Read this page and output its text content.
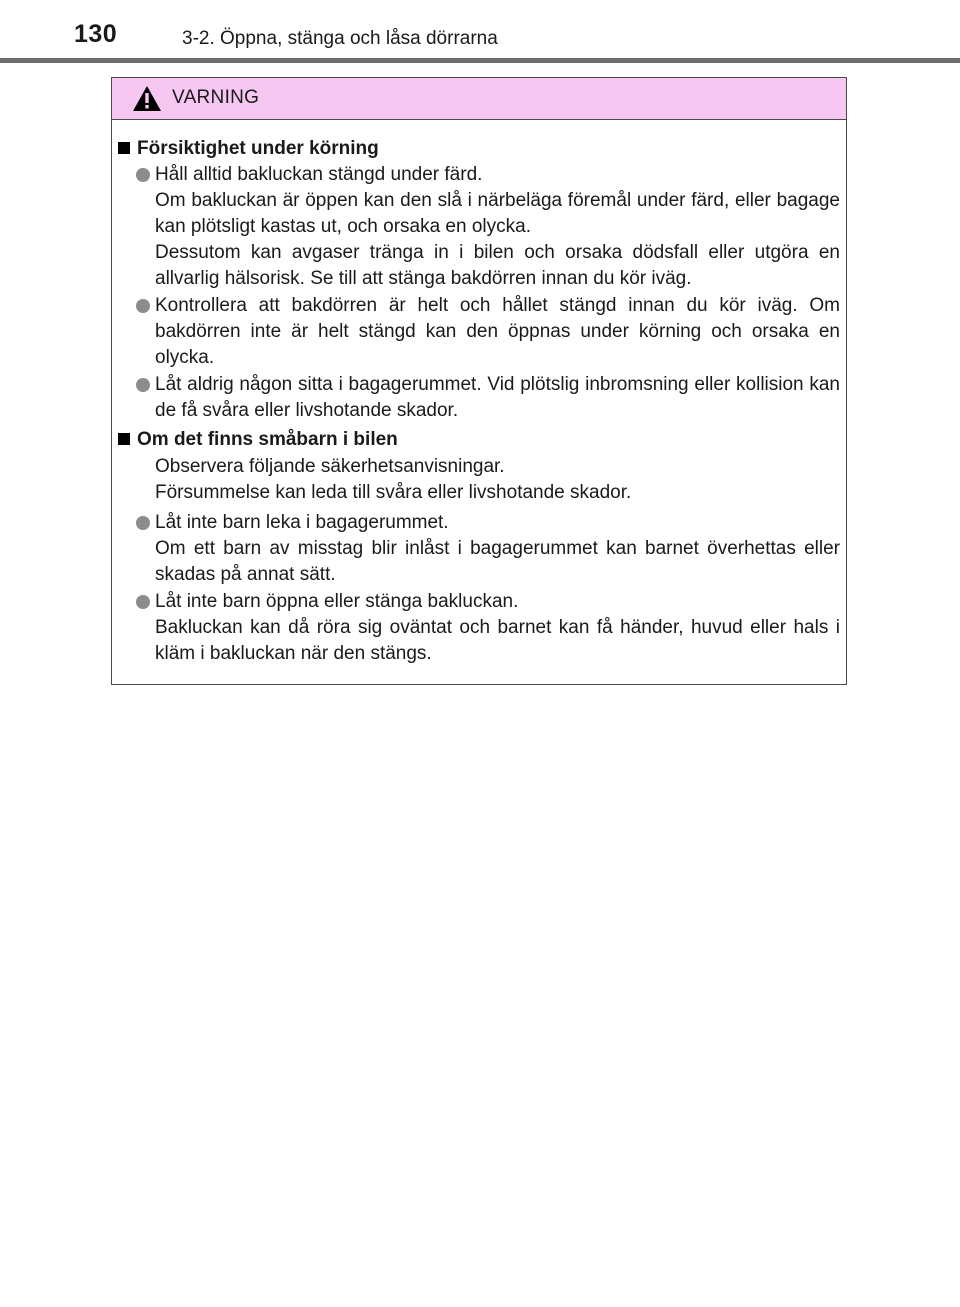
130	3-2. Öppna, stänga och låsa dörrarna
VARNING
Försiktighet under körning

Håll alltid bakluckan stängd under färd.

Om bakluckan är öppen kan den slå i närbeläga föremål under färd, eller bagage kan plötsligt kastas ut, och orsaka en olycka.

Dessutom kan avgaser tränga in i bilen och orsaka dödsfall eller utgöra en allvarlig hälsorisk. Se till att stänga bakdörren innan du kör iväg.

Kontrollera att bakdörren är helt och hållet stängd innan du kör iväg. Om bakdörren inte är helt stängd kan den öppnas under körning och orsaka en olycka.

Låt aldrig någon sitta i bagagerummet. Vid plötslig inbromsning eller kollision kan de få svåra eller livshotande skador.

Om det finns småbarn i bilen

Observera följande säkerhetsanvisningar.

Försummelse kan leda till svåra eller livshotande skador.

Låt inte barn leka i bagagerummet.

Om ett barn av misstag blir inlåst i bagagerummet kan barnet överhettas eller skadas på annat sätt.

Låt inte barn öppna eller stänga bakluckan.

Bakluckan kan då röra sig oväntat och barnet kan få händer, huvud eller hals i kläm i bakluckan när den stängs.
